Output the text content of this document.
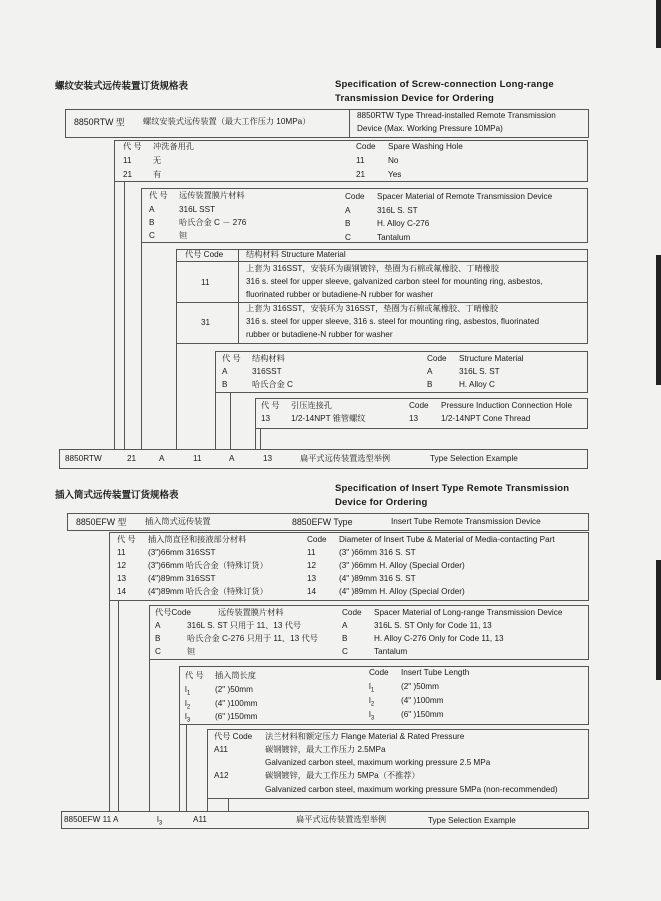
螺纹安装式远传装置订货规格表	Specification of Screw-connection Long-range
Transmission Device for Ordering
8850RTW 型 螺纹安装式远传装置（最大工作压力 10MPa）
8850RTW Type Thread-installed Remote Transmission
Device (Max. Working Pressure 10MPa)
代 号 冲洗备用孔	Code Spare Washing Hole
11	无	11	No
21	有	21	Yes
代 号 远传装置膜片材料	Code Spacer Material of Remote Transmission Device
A	316L SST	A	316L S. ST
B	哈氏合金 C － 276	B	H. Alloy C-276
C	钽	C	Tantalum
代号 Code	结构材料 Structure Material
11
上套为 316SST，安装环为碳钢镀锌，垫圈为石棉或氟橡胶、丁晴橡胶
316 s. steel for upper sleeve, galvanized carbon steel for mounting ring, asbestos,
fluorinated rubber or butadiene-N rubber for washer
31
上套为 316SST，安装环为 316SST，垫圈为石棉或氟橡胶、丁晴橡胶
316 s. steel for upper sleeve, 316 s. steel for mounting ring, asbestos, fluorinated
rubber or butadiene-N rubber for washer
代 号 结构材料	Code Structure Material
A	316SST	A	316L S. ST
B	哈氏合金 C	B	H. Alloy C
代 号 引压连接孔	Code Pressure Induction Connection Hole
13	1/2-14NPT 锥管螺纹	13	1/2-14NPT Cone Thread
8850RTW	21	A	11	A	13	扁平式远传装置选型举例	Type Selection Example
插入筒式远传装置订货规格表
Specification of Insert Type Remote Transmission
Device for Ordering
8850EFW 型 插入筒式远传装置	8850EFW Type	Insert Tube Remote Transmission Device
代 号 插入筒直径和接液部分材料	Code Diameter of Insert Tube & Material of Media-contacting Part
11	(3")66mm 316SST	11	(3" )66mm 316 S. ST
12	(3")66mm 哈氏合金（特殊订货）	12	(3" )66mm H. Alloy (Special Order)
13	(4")89mm 316SST	13	(4" )89mm 316 S. ST
14	(4")89mm 哈氏合金（特殊订货）	14	(4" )89mm H. Alloy (Special Order)
代号Code	远传装置膜片材料	Code Spacer Material of Long-range Transmission Device
A	316L S. ST 只用于 11、13 代号	A	316L S. ST Only for Code 11, 13
B	哈氏合金 C-276 只用于 11、13 代号	B	H. Alloy C-276 Only for Code 11, 13
C	钽	C	Tantalum
代 号 插入筒长度	Code Insert Tube Length
$l_1$	(2" )50mm	$l_1$	(2" )50mm
$l_2$	(4" )100mm	$l_2$	(4" )100mm
$l_3$	(6" )150mm	$l_3$	(6" )150mm
代号 Code 法兰材料和额定压力 Flange Material & Rated Pressure
A11	碳钢镀锌，最大工作压力 2.5MPa
Galvanized carbon steel, maximum working pressure 2.5 MPa
A12	碳钢镀锌，最大工作压力 5MPa（不推荐）
Galvanized carbon steel, maximum working pressure 5MPa (non-recommended)
8850EFW 11 A	$l_3$	A11	扁平式远传装置选型举例	Type Selection Example
